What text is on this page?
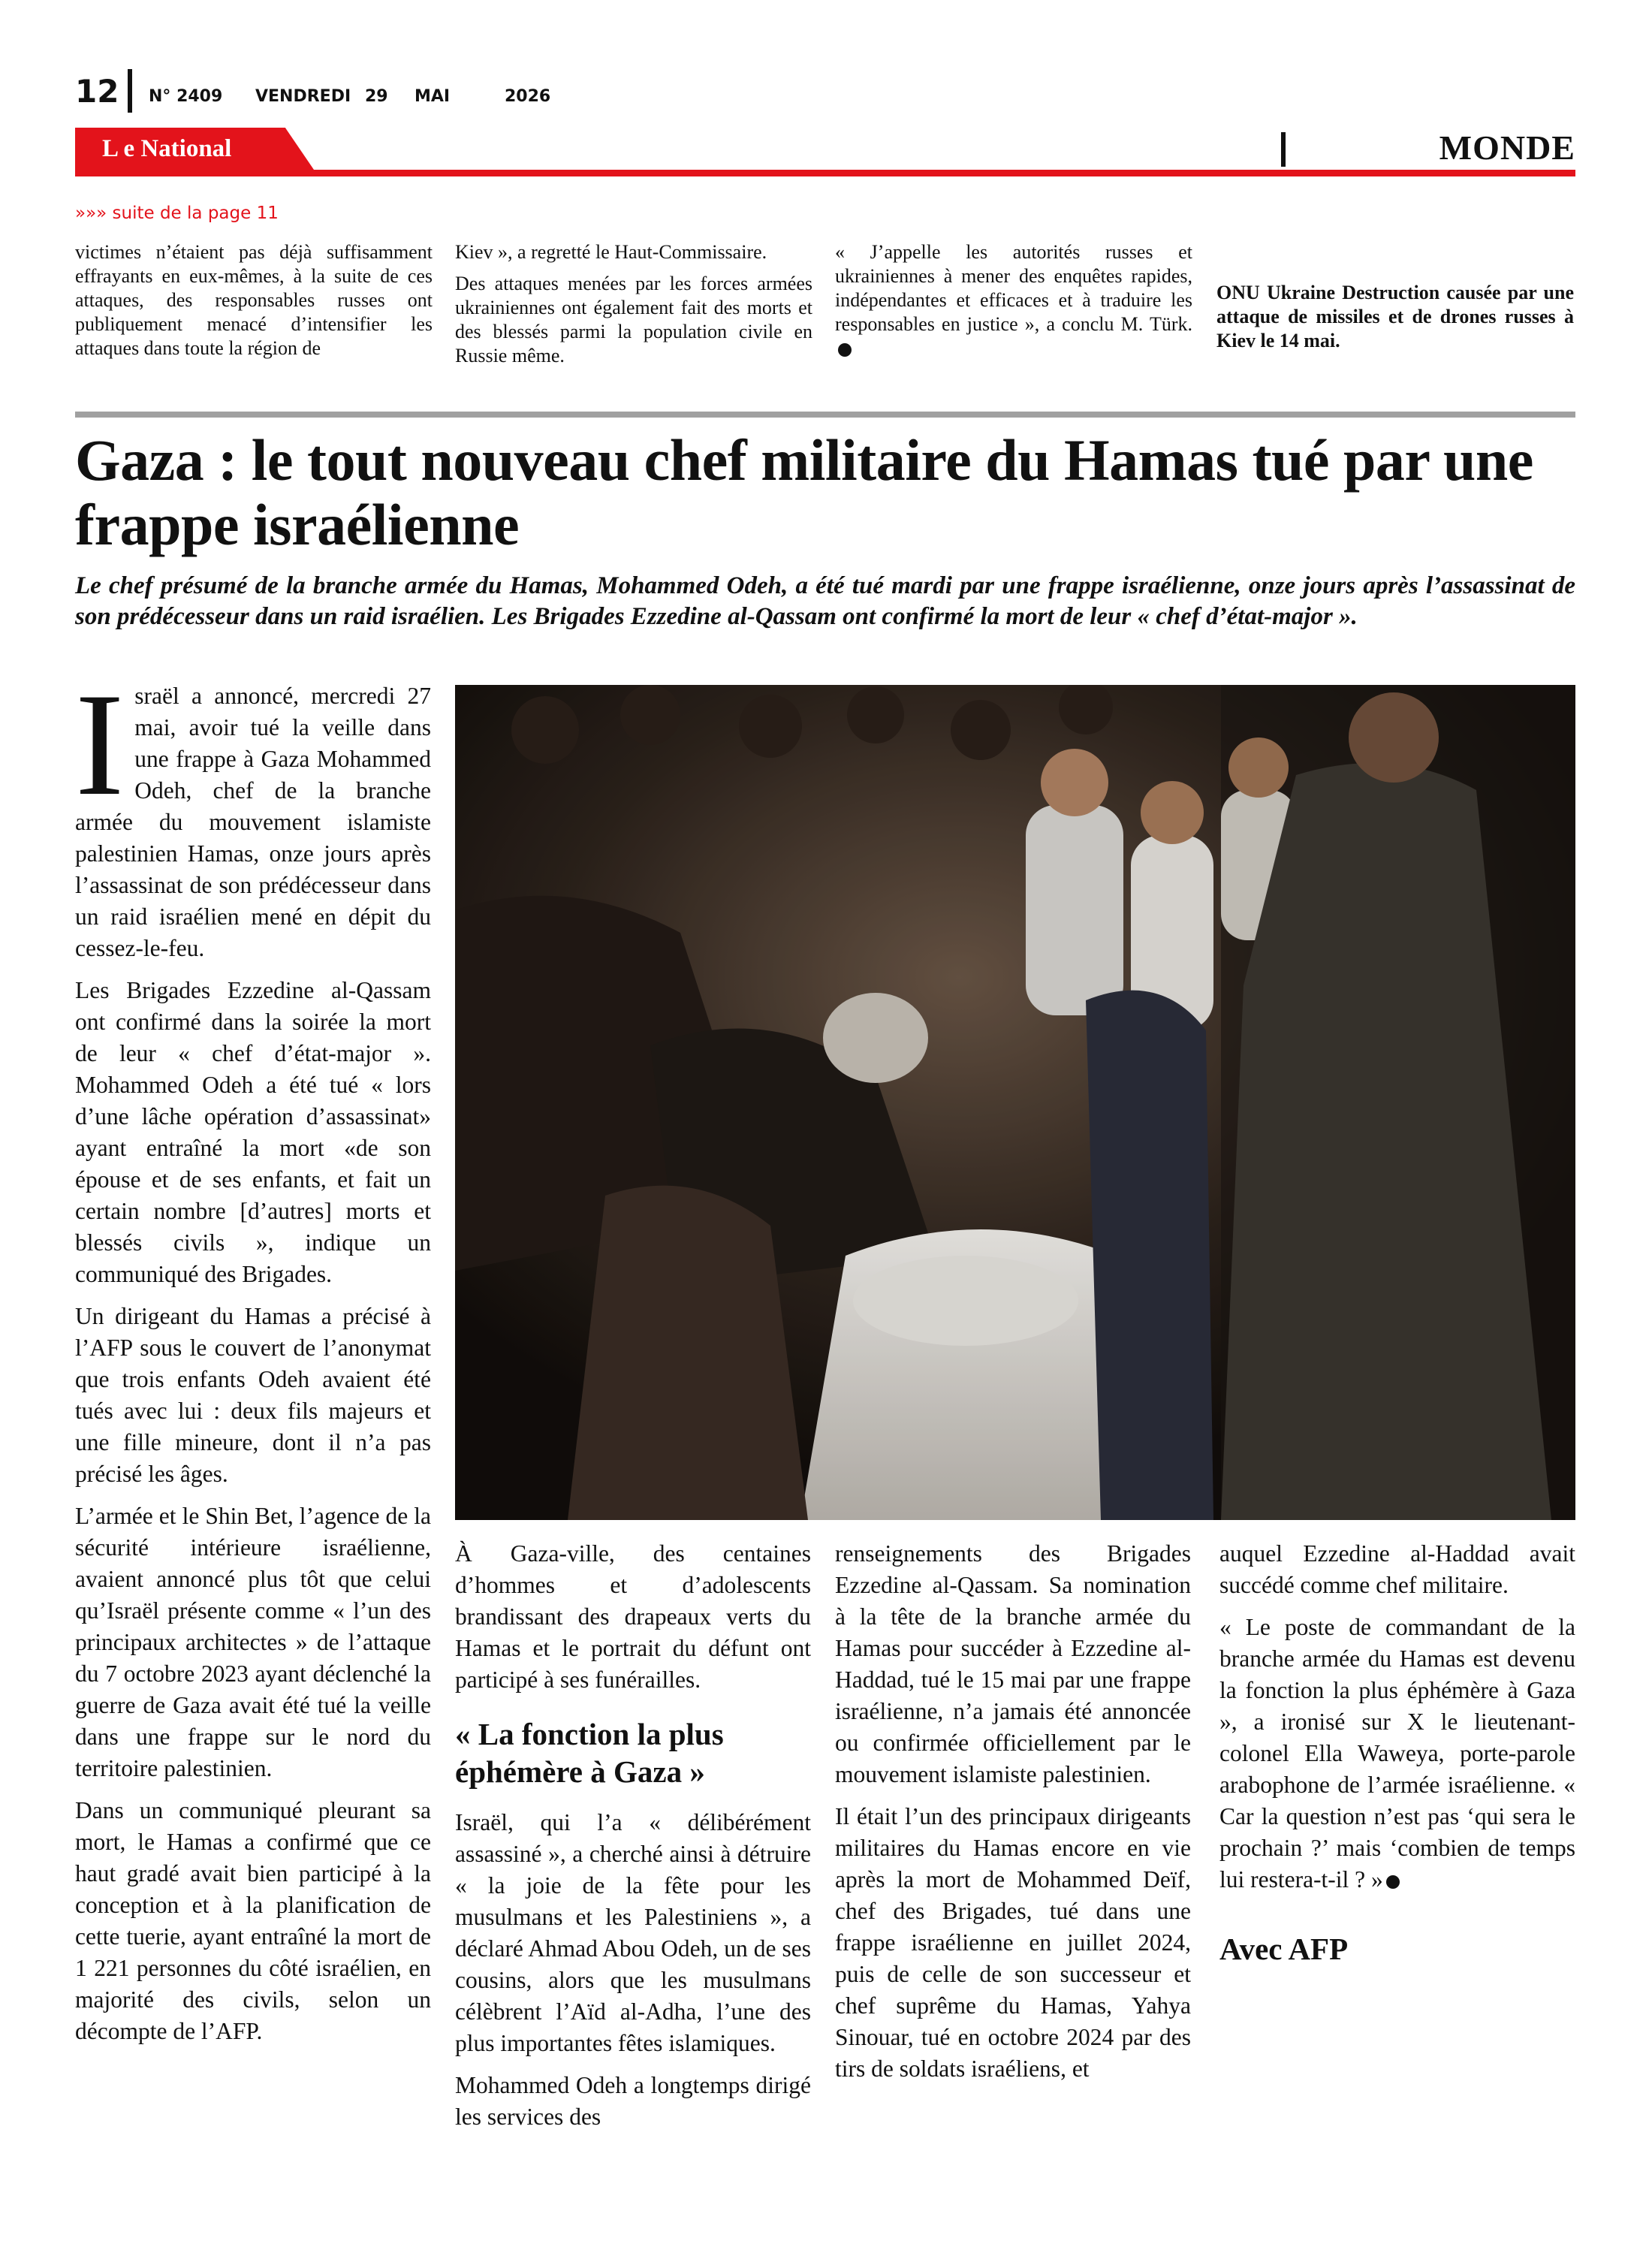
12 N° 2409 VENDREDI 29 MAI	2026
L e National	MONDE
»»» suite de la page 11

victimes n’étaient pas déjà suffisamment effrayants en eux-mêmes, à la suite de ces attaques, des responsables russes ont publiquement menacé d’intensifier les attaques dans toute la région de

Kiev », a regretté le Haut-Commissaire.

Des attaques menées par les forces armées ukrainiennes ont également fait des morts et des blessés parmi la population civile en Russie même.

« J’appelle les autorités russes et ukrainiennes à mener des enquêtes rapides, indépendantes et efficaces et à traduire les responsables en justice », a conclu M. Türk.

ONU Ukraine Destruction causée par une attaque de missiles et de drones russes à Kiev le 14 mai.
Gaza : le tout nouveau chef militaire du Hamas tué par une frappe israélienne

Le chef présumé de la branche armée du Hamas, Mohammed Odeh, a été tué mardi par une frappe israélienne, onze jours après l’assassinat de son prédécesseur dans un raid israélien. Les Brigades Ezzedine al-Qassam ont confirmé la mort de leur « chef d’état-major ».

Israël a annoncé, mercredi 27 mai, avoir tué la veille dans une frappe à Gaza Mohammed Odeh, chef de la branche armée du mouvement islamiste palestinien Hamas, onze jours après l’assassinat de son prédécesseur dans un raid israélien mené en dépit du cessez-le-feu.

Les Brigades Ezzedine al-Qassam ont confirmé dans la soirée la mort de leur « chef d’état-major ». Mohammed Odeh a été tué « lors d’une lâche opération d’assassinat» ayant entraîné la mort «de son épouse et de ses enfants, et fait un certain nombre [d’autres] morts et blessés civils », indique un communiqué des Brigades.

Un dirigeant du Hamas a précisé à l’AFP sous le couvert de l’anonymat que trois enfants Odeh avaient été tués avec lui : deux fils majeurs et une fille mineure, dont il n’a pas précisé les âges.

L’armée et le Shin Bet, l’agence de la sécurité intérieure israélienne, avaient annoncé plus tôt que celui qu’Israël présente comme « l’un des principaux architectes » de l’attaque du 7 octobre 2023 ayant déclenché la guerre de Gaza avait été tué la veille dans une frappe sur le nord du territoire palestinien.

Dans un communiqué pleurant sa mort, le Hamas a confirmé que ce haut gradé avait bien participé à la conception et à la planification de cette tuerie, ayant entraîné la mort de 1 221 personnes du côté israélien, en majorité des civils, selon un décompte de l’AFP.

À Gaza-ville, des centaines d’hommes et d’adolescents brandissant des drapeaux verts du Hamas et le portrait du défunt ont participé à ses funérailles.

« La fonction la plus éphémère à Gaza »

Israël, qui l’a « délibérément assassiné », a cherché ainsi à détruire « la joie de la fête pour les musulmans et les Palestiniens », a déclaré Ahmad Abou Odeh, un de ses cousins, alors que les musulmans célèbrent l’Aïd al-Adha, l’une des plus importantes fêtes islamiques.

Mohammed Odeh a longtemps dirigé les services des

renseignements des Brigades Ezzedine al-Qassam. Sa nomination à la tête de la branche armée du Hamas pour succéder à Ezzedine al-Haddad, tué le 15 mai par une frappe israélienne, n’a jamais été annoncée ou confirmée officiellement par le mouvement islamiste palestinien.

Il était l’un des principaux dirigeants militaires du Hamas encore en vie après la mort de Mohammed Deïf, chef des Brigades, tué dans une frappe israélienne en juillet 2024, puis de celle de son successeur et chef suprême du Hamas, Yahya Sinouar, tué en octobre 2024 par des tirs de soldats israéliens, et

auquel Ezzedine al-Haddad avait succédé comme chef militaire.

« Le poste de commandant de la branche armée du Hamas est devenu la fonction la plus éphémère à Gaza », a ironisé sur X le lieutenant-colonel Ella Waweya, porte-parole arabophone de l’armée israélienne. « Car la question n’est pas ‘qui sera le prochain ?’ mais ‘combien de temps lui restera-t-il ? »

Avec AFP
